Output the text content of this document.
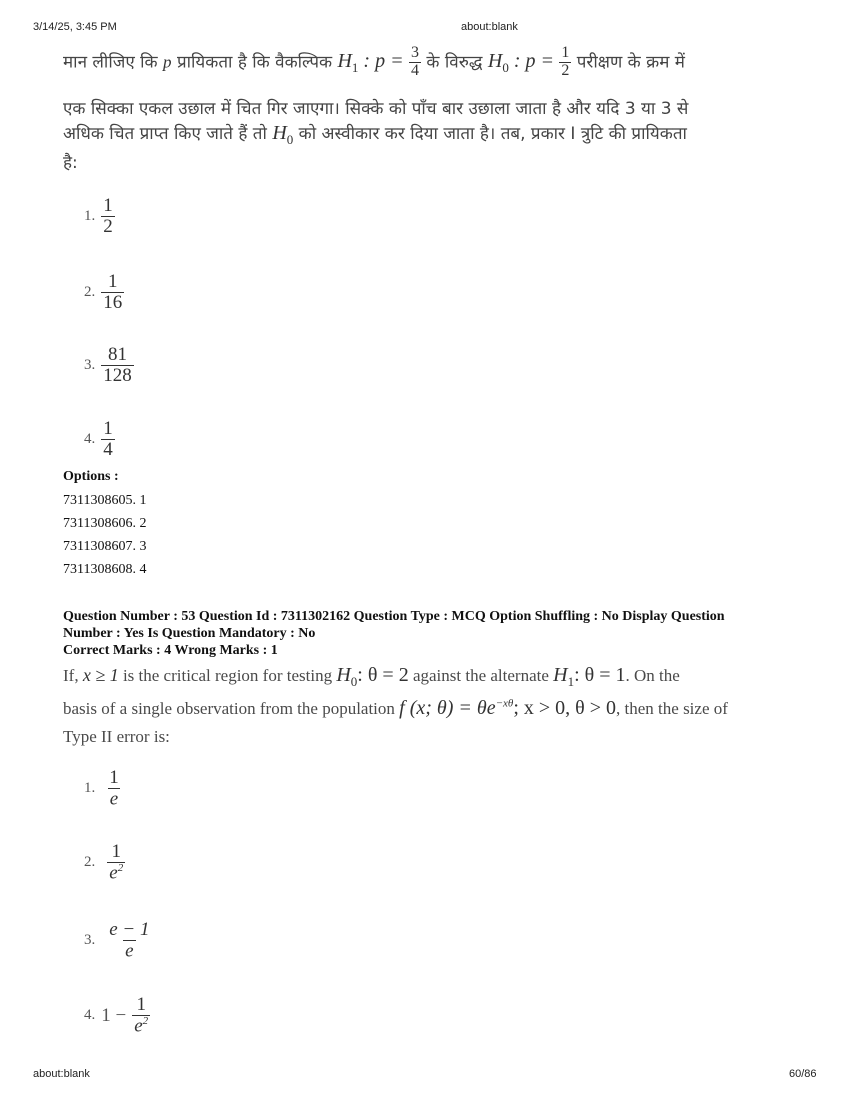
3/14/25, 3:45 PM	about:blank
about:blank	60/86
मान लीजिए कि p प्रायिकता है कि वैकल्पिक $H_1$ : $p = \frac{3}{4}$ के विरुद्ध $H_0$ : $p = \frac{1}{2}$ परीक्षण के क्रम में
एक सिक्का एकल उछाल में चित गिर जाएगा। सिक्के को पाँच बार उछाला जाता है और यदि 3 या 3 से
अधिक चित प्राप्त किए जाते हैं तो $H_0$ को अस्वीकार कर दिया जाता है। तब, प्रकार I त्रुटि की प्रायिकता
है:
1. $\frac{1}{2}$
2. $\frac{1}{16}$
3. $\frac{81}{128}$
4. $\frac{1}{4}$
Options :
7311308605. 1
7311308606. 2
7311308607. 3
7311308608. 4
Question Number : 53 Question Id : 7311302162 Question Type : MCQ Option Shuffling : No Display Question
Number : Yes Is Question Mandatory : No
Correct Marks : 4 Wrong Marks : 1
If, x ≥ 1 is the critical region for testing $H_0$: θ = 2 against the alternate $H_1$: θ = 1. On the
basis of a single observation from the population f (x; $\theta) = \theta e^{-x\theta}$; x > 0, θ > 0, then the size of
Type II error is:
1. $\frac{1}{e}$
2. $\frac{1}{e^2}$
3. $\frac{e - 1}{e}$
4. $1 - \frac{1}{e^2}$
